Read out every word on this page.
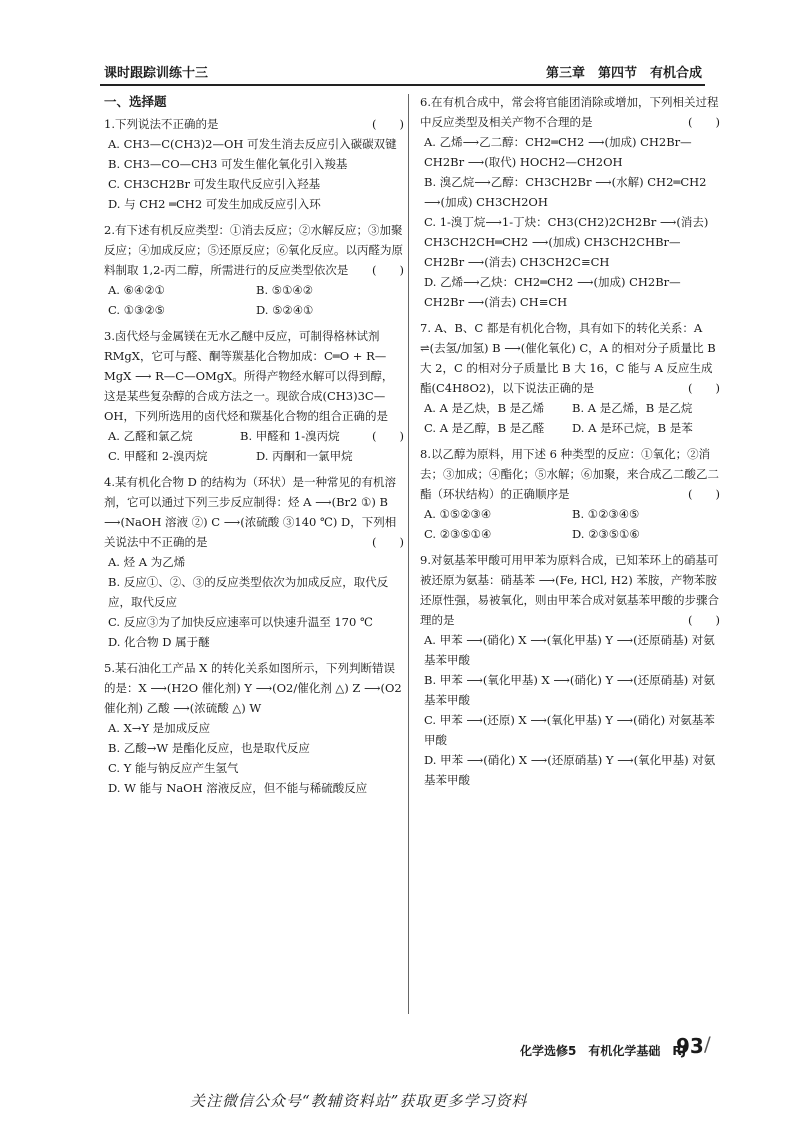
课时跟踪训练十三	第三章　第四节　有机合成
一、选择题

1.下列说法不正确的是	(　　)

A. CH3—C(CH3)2—OH 可发生消去反应引入碳碳双键

B. CH3—CO—CH3 可发生催化氧化引入羧基

C. CH3CH2Br 可发生取代反应引入羟基

D. 与 CH2 ═CH2 可发生加成反应引入环

2.有下述有机反应类型：①消去反应；②水解反应；③加聚反应；④加成反应；⑤还原反应；⑥氧化反应。以丙醛为原料制取 1,2-丙二醇，所需进行的反应类型依次是 (　　)

A. ⑥④②①	B. ⑤①④②
C. ①③②⑤	D. ⑤②④①

3.卤代烃与金属镁在无水乙醚中反应，可制得格林试剂 RMgX，它可与醛、酮等羰基化合物加成：C═O + R—MgX ⟶ R—C—OMgX。所得产物经水解可以得到醇，这是某些复杂醇的合成方法之一。现欲合成(CH3)3C—OH，下列所选用的卤代烃和羰基化合物的组合正确的是
(　　)

A. 乙醛和氯乙烷	B. 甲醛和 1-溴丙烷
C. 甲醛和 2-溴丙烷	D. 丙酮和一氯甲烷

4.某有机化合物 D 的结构为（环状）是一种常见的有机溶剂，它可以通过下列三步反应制得：烃 A ⟶(Br2 ①) B ⟶(NaOH 溶液 ②) C ⟶(浓硫酸 ③140 ℃) D，下列相关说法中不正确的是	(　　)

A. 烃 A 为乙烯

B. 反应①、②、③的反应类型依次为加成反应，取代反应，取代反应

C. 反应③为了加快反应速率可以快速升温至 170 ℃

D. 化合物 D 属于醚

5.某石油化工产品 X 的转化关系如图所示，下列判断错误的是：X ⟶(H2O 催化剂) Y ⟶(O2/催化剂 △) Z ⟶(O2 催化剂) 乙酸 ⟶(浓硫酸 △) W

A. X→Y 是加成反应

B. 乙酸→W 是酯化反应，也是取代反应

C. Y 能与钠反应产生氢气

D. W 能与 NaOH 溶液反应，但不能与稀硫酸反应

6.在有机合成中，常会将官能团消除或增加，下列相关过程中反应类型及相关产物不合理的是	(　　)

A. 乙烯⟶乙二醇：CH2═CH2 ⟶(加成) CH2Br—CH2Br ⟶(取代) HOCH2—CH2OH

B. 溴乙烷⟶乙醇：CH3CH2Br ⟶(水解) CH2═CH2 ⟶(加成) CH3CH2OH

C. 1-溴丁烷⟶1-丁炔：CH3(CH2)2CH2Br ⟶(消去) CH3CH2CH═CH2 ⟶(加成) CH3CH2CHBr—CH2Br ⟶(消去) CH3CH2C≡CH

D. 乙烯⟶乙炔：CH2═CH2 ⟶(加成) CH2Br—CH2Br ⟶(消去) CH≡CH

7. A、B、C 都是有机化合物，具有如下的转化关系：A ⇌(去氢/加氢) B ⟶(催化氧化) C，A 的相对分子质量比 B 大 2，C 的相对分子质量比 B 大 16，C 能与 A 反应生成酯(C4H8O2)，以下说法正确的是	(　　)

A. A 是乙炔，B 是乙烯	B. A 是乙烯，B 是乙烷
C. A 是乙醇，B 是乙醛	D. A 是环己烷，B 是苯

8.以乙醇为原料，用下述 6 种类型的反应：①氧化；②消去；③加成；④酯化；⑤水解；⑥加聚，来合成乙二酸乙二酯（环状结构）的正确顺序是	(　　)

A. ①⑤②③④	B. ①②③④⑤
C. ②③⑤①④	D. ②③⑤①⑥

9.对氨基苯甲酸可用甲苯为原料合成，已知苯环上的硝基可被还原为氨基：硝基苯 ⟶(Fe, HCl, H2) 苯胺，产物苯胺还原性强，易被氧化，则由甲苯合成对氨基苯甲酸的步骤合理的是	(　　)

A. 甲苯 ⟶(硝化) X ⟶(氧化甲基) Y ⟶(还原硝基) 对氨基苯甲酸

B. 甲苯 ⟶(氧化甲基) X ⟶(硝化) Y ⟶(还原硝基) 对氨基苯甲酸

C. 甲苯 ⟶(还原) X ⟶(氧化甲基) Y ⟶(硝化) 对氨基苯甲酸

D. 甲苯 ⟶(硝化) X ⟶(还原硝基) Y ⟶(氧化甲基) 对氨基苯甲酸

化学选修5　有机化学基础　RJ
93 /
关注微信公众号“教辅资料站”获取更多学习资料
